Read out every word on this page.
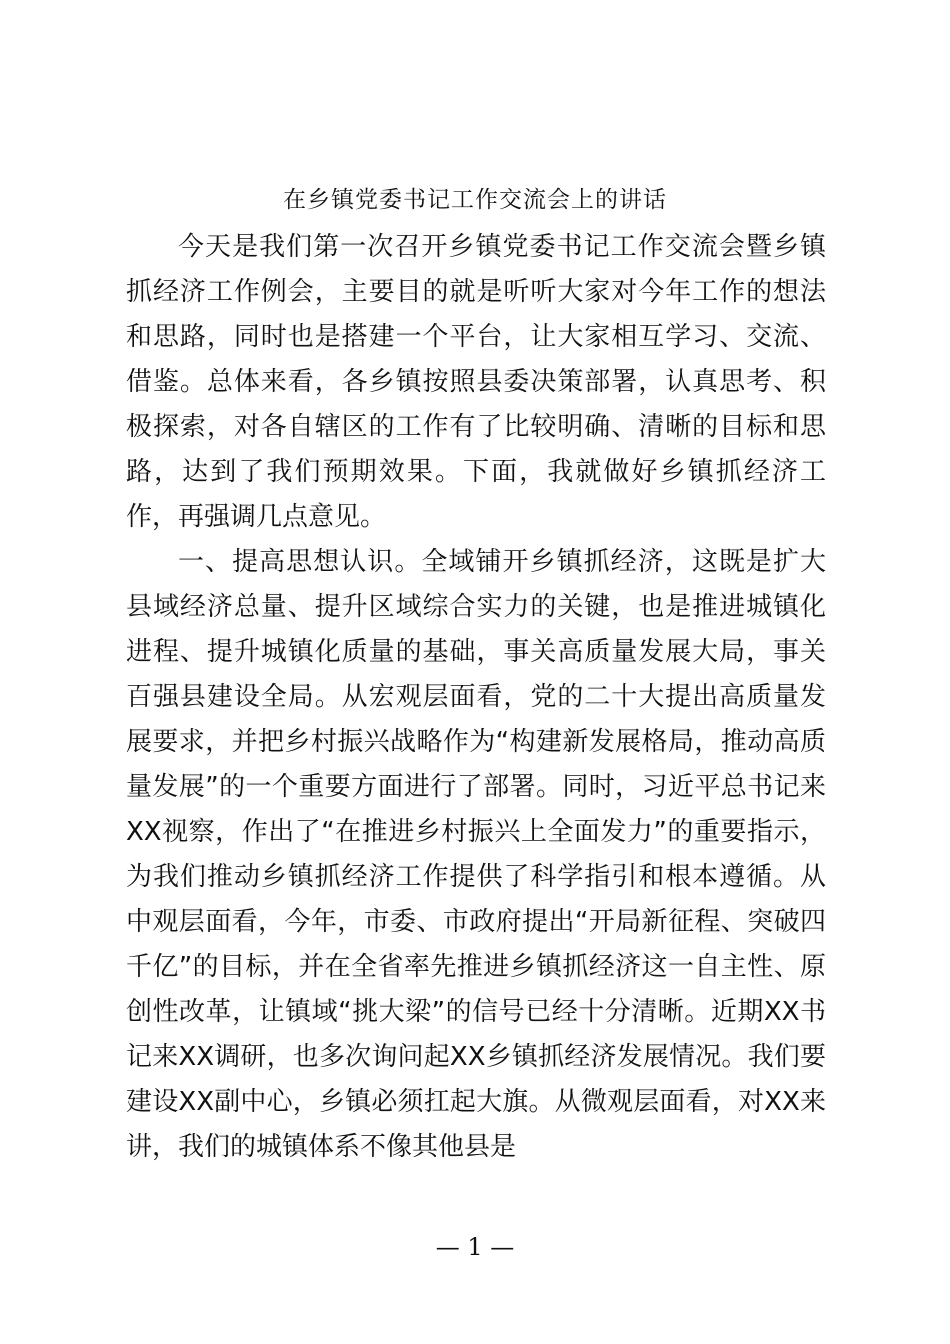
在乡镇党委书记工作交流会上的讲话

今天是我们第一次召开乡镇党委书记工作交流会暨乡镇抓经济工作例会，主要目的就是听听大家对今年工作的想法和思路，同时也是搭建一个平台，让大家相互学习、交流、借鉴。总体来看，各乡镇按照县委决策部署，认真思考、积极探索，对各自辖区的工作有了比较明确、清晰的目标和思路，达到了我们预期效果。下面，我就做好乡镇抓经济工作，再强调几点意见。

一、提高思想认识。全域铺开乡镇抓经济，这既是扩大县域经济总量、提升区域综合实力的关键，也是推进城镇化进程、提升城镇化质量的基础，事关高质量发展大局，事关百强县建设全局。从宏观层面看，党的二十大提出高质量发展要求，并把乡村振兴战略作为“构建新发展格局，推动高质量发展”的一个重要方面进行了部署。同时，习近平总书记来XX视察，作出了“在推进乡村振兴上全面发力”的重要指示，为我们推动乡镇抓经济工作提供了科学指引和根本遵循。从中观层面看，今年，市委、市政府提出“开局新征程、突破四千亿”的目标，并在全省率先推进乡镇抓经济这一自主性、原创性改革，让镇域“挑大梁”的信号已经十分清晰。近期XX书记来XX调研，也多次询问起XX乡镇抓经济发展情况。我们要建设XX副中心，乡镇必须扛起大旗。从微观层面看，对XX来讲，我们的城镇体系不像其他县是

— 1 —
